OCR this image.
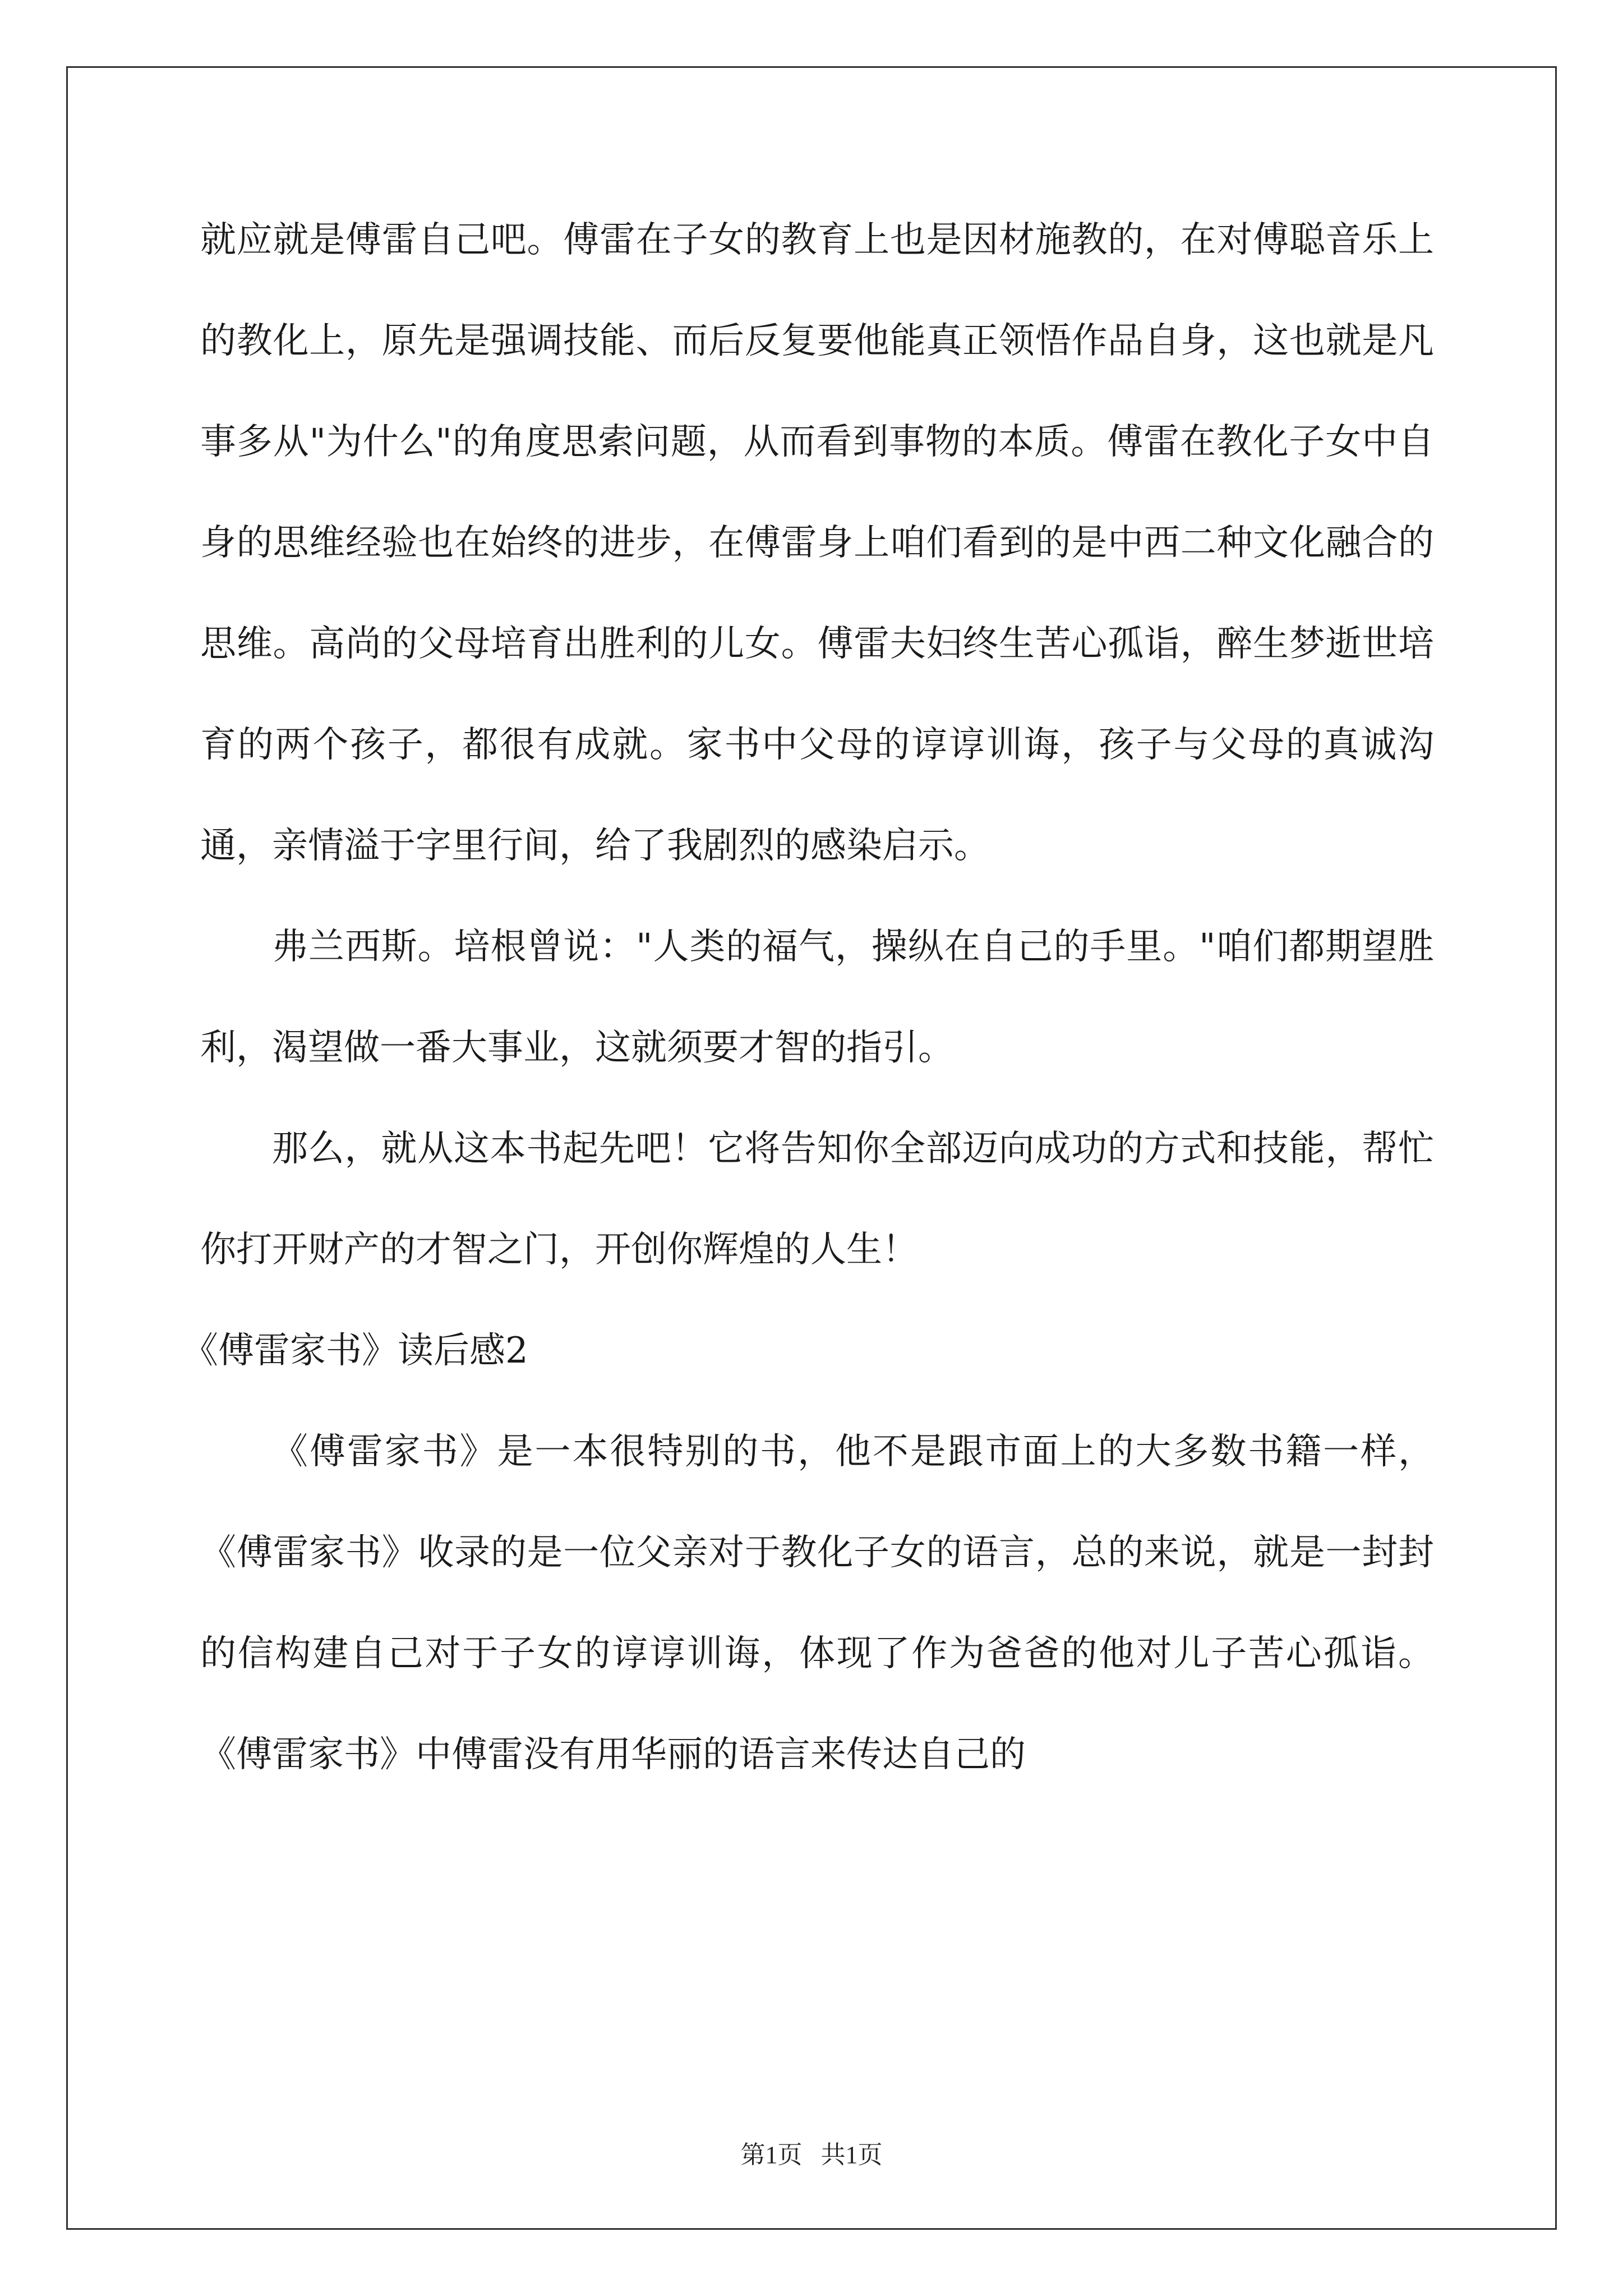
就应就是傅雷自己吧。傅雷在子女的教育上也是因材施教的，在对傅聪音乐上的教化上，原先是强调技能、而后反复要他能真正领悟作品自身，这也就是凡事多从"为什么"的角度思索问题，从而看到事物的本质。傅雷在教化子女中自身的思维经验也在始终的进步，在傅雷身上咱们看到的是中西二种文化融合的思维。高尚的父母培育出胜利的儿女。傅雷夫妇终生苦心孤诣，醉生梦逝世培育的两个孩子，都很有成就。家书中父母的谆谆训诲，孩子与父母的真诚沟通，亲情溢于字里行间，给了我剧烈的感染启示。

弗兰西斯。培根曾说："人类的福气，操纵在自己的手里。"咱们都期望胜利，渴望做一番大事业，这就须要才智的指引。

那么，就从这本书起先吧！它将告知你全部迈向成功的方式和技能，帮忙你打开财产的才智之门，开创你辉煌的人生！

《傅雷家书》读后感2

《傅雷家书》是一本很特别的书，他不是跟市面上的大多数书籍一样，《傅雷家书》收录的是一位父亲对于教化子女的语言，总的来说，就是一封封的信构建自己对于子女的谆谆训诲，体现了作为爸爸的他对儿子苦心孤诣。《傅雷家书》中傅雷没有用华丽的语言来传达自己的

第1页   共1页
